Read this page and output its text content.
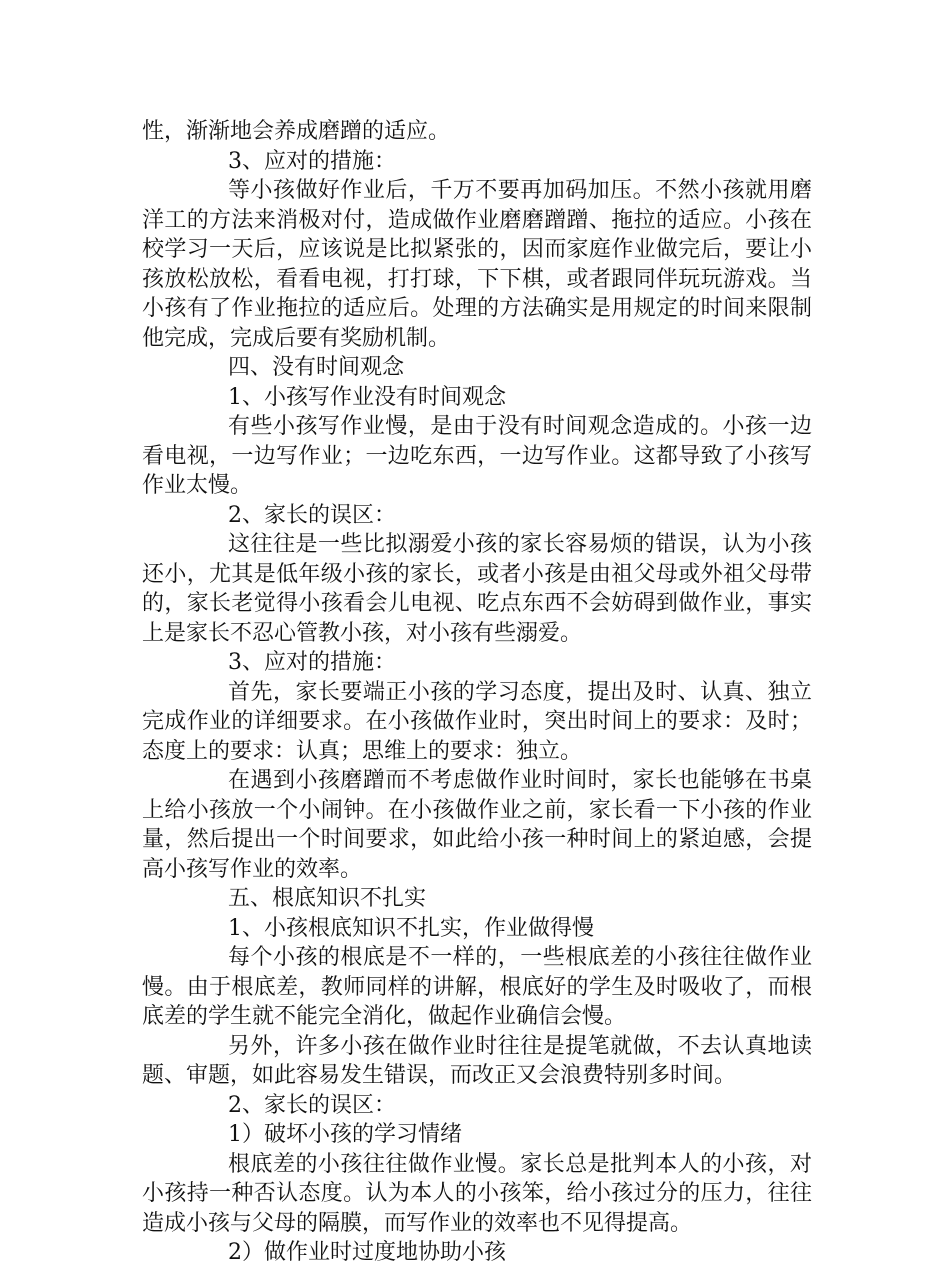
性，渐渐地会养成磨蹭的适应。
3、应对的措施：
等小孩做好作业后，千万不要再加码加压。不然小孩就用磨
洋工的方法来消极对付，造成做作业磨磨蹭蹭、拖拉的适应。小孩在
校学习一天后，应该说是比拟紧张的，因而家庭作业做完后，要让小
孩放松放松，看看电视，打打球，下下棋，或者跟同伴玩玩游戏。当
小孩有了作业拖拉的适应后。处理的方法确实是用规定的时间来限制
他完成，完成后要有奖励机制。
四、没有时间观念
1、小孩写作业没有时间观念
有些小孩写作业慢，是由于没有时间观念造成的。小孩一边
看电视，一边写作业；一边吃东西，一边写作业。这都导致了小孩写
作业太慢。
2、家长的误区：
这往往是一些比拟溺爱小孩的家长容易烦的错误，认为小孩
还小，尤其是低年级小孩的家长，或者小孩是由祖父母或外祖父母带
的，家长老觉得小孩看会儿电视、吃点东西不会妨碍到做作业，事实
上是家长不忍心管教小孩，对小孩有些溺爱。
3、应对的措施：
首先，家长要端正小孩的学习态度，提出及时、认真、独立
完成作业的详细要求。在小孩做作业时，突出时间上的要求：及时；
态度上的要求：认真；思维上的要求：独立。
在遇到小孩磨蹭而不考虑做作业时间时，家长也能够在书桌
上给小孩放一个小闹钟。在小孩做作业之前，家长看一下小孩的作业
量，然后提出一个时间要求，如此给小孩一种时间上的紧迫感，会提
高小孩写作业的效率。
五、根底知识不扎实
1、小孩根底知识不扎实，作业做得慢
每个小孩的根底是不一样的，一些根底差的小孩往往做作业
慢。由于根底差，教师同样的讲解，根底好的学生及时吸收了，而根
底差的学生就不能完全消化，做起作业确信会慢。
另外，许多小孩在做作业时往往是提笔就做，不去认真地读
题、审题，如此容易发生错误，而改正又会浪费特别多时间。
2、家长的误区：
1）破坏小孩的学习情绪
根底差的小孩往往做作业慢。家长总是批判本人的小孩，对
小孩持一种否认态度。认为本人的小孩笨，给小孩过分的压力，往往
造成小孩与父母的隔膜，而写作业的效率也不见得提高。
2）做作业时过度地协助小孩
